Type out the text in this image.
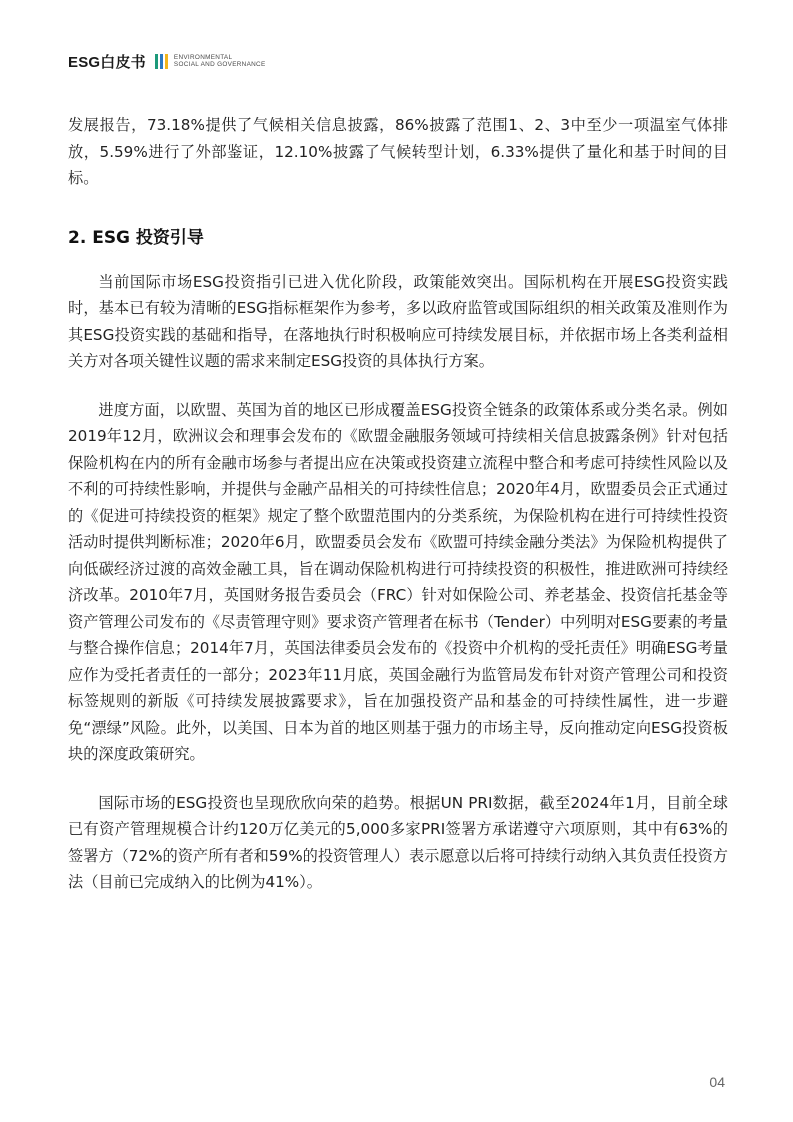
ESG白皮书	ENVIRONMENTAL
SOCIAL AND GOVERNANCE

发展报告，73.18%提供了气候相关信息披露，86%披露了范围1、2、3中至少一项温室气体排放，5.59%进行了外部鉴证，12.10%披露了气候转型计划，6.33%提供了量化和基于时间的目标。

2. ESG 投资引导

当前国际市场ESG投资指引已进入优化阶段，政策能效突出。国际机构在开展ESG投资实践时，基本已有较为清晰的ESG指标框架作为参考，多以政府监管或国际组织的相关政策及准则作为其ESG投资实践的基础和指导，在落地执行时积极响应可持续发展目标，并依据市场上各类利益相关方对各项关键性议题的需求来制定ESG投资的具体执行方案。

进度方面，以欧盟、英国为首的地区已形成覆盖ESG投资全链条的政策体系或分类名录。例如2019年12月，欧洲议会和理事会发布的《欧盟金融服务领域可持续相关信息披露条例》针对包括保险机构在内的所有金融市场参与者提出应在决策或投资建立流程中整合和考虑可持续性风险以及不利的可持续性影响，并提供与金融产品相关的可持续性信息；2020年4月，欧盟委员会正式通过的《促进可持续投资的框架》规定了整个欧盟范围内的分类系统，为保险机构在进行可持续性投资活动时提供判断标准；2020年6月，欧盟委员会发布《欧盟可持续金融分类法》为保险机构提供了向低碳经济过渡的高效金融工具，旨在调动保险机构进行可持续投资的积极性，推进欧洲可持续经济改革。2010年7月，英国财务报告委员会（FRC）针对如保险公司、养老基金、投资信托基金等资产管理公司发布的《尽责管理守则》要求资产管理者在标书（Tender）中列明对ESG要素的考量与整合操作信息；2014年7月，英国法律委员会发布的《投资中介机构的受托责任》明确ESG考量应作为受托者责任的一部分；2023年11月底，英国金融行为监管局发布针对资产管理公司和投资标签规则的新版《可持续发展披露要求》，旨在加强投资产品和基金的可持续性属性，进一步避免“漂绿”风险。此外，以美国、日本为首的地区则基于强力的市场主导，反向推动定向ESG投资板块的深度政策研究。

国际市场的ESG投资也呈现欣欣向荣的趋势。根据UN PRI数据，截至2024年1月，目前全球已有资产管理规模合计约120万亿美元的5,000多家PRI签署方承诺遵守六项原则，其中有63%的签署方（72%的资产所有者和59%的投资管理人）表示愿意以后将可持续行动纳入其负责任投资方法（目前已完成纳入的比例为41%）。

04
